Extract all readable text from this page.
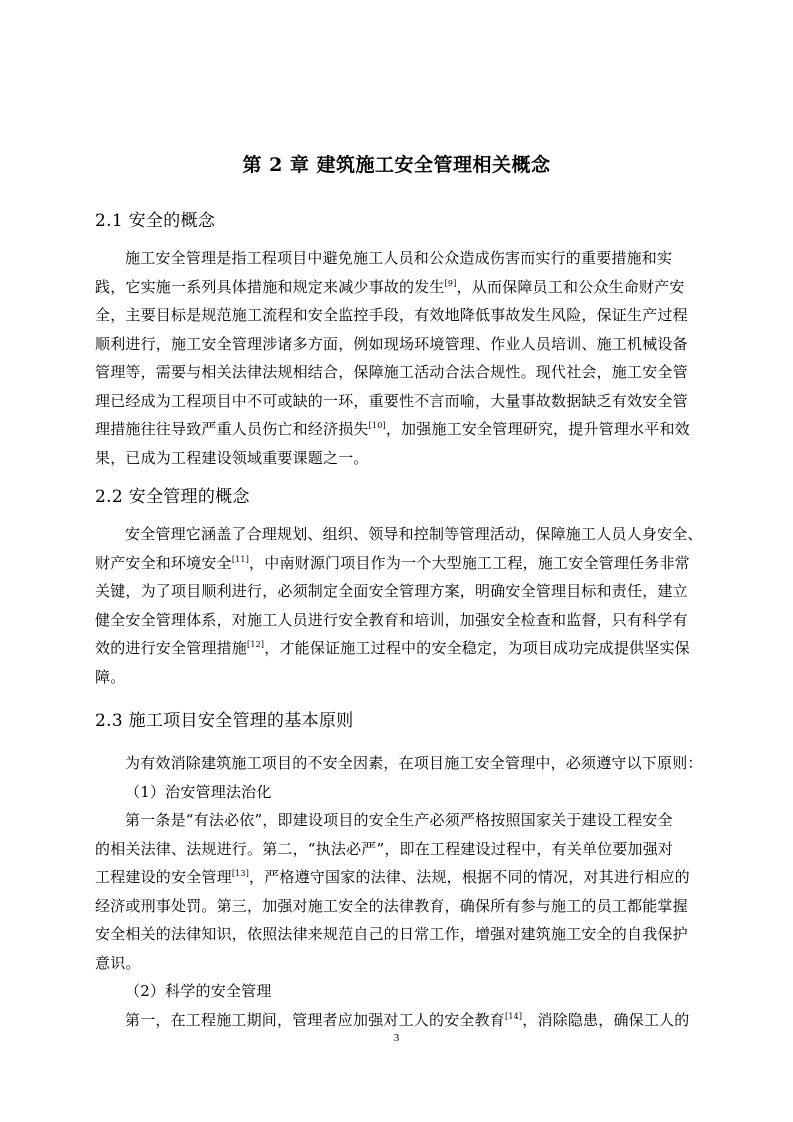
第 2 章 建筑施工安全管理相关概念
2.1 安全的概念
施工安全管理是指工程项目中避免施工人员和公众造成伤害而实行的重要措施和实
践，它实施一系列具体措施和规定来减少事故的发生[9]，从而保障员工和公众生命财产安
全，主要目标是规范施工流程和安全监控手段，有效地降低事故发生风险，保证生产过程
顺利进行，施工安全管理涉诸多方面，例如现场环境管理、作业人员培训、施工机械设备
管理等，需要与相关法律法规相结合，保障施工活动合法合规性。现代社会，施工安全管
理已经成为工程项目中不可或缺的一环，重要性不言而喻，大量事故数据缺乏有效安全管
理措施往往导致严重人员伤亡和经济损失[10]，加强施工安全管理研究，提升管理水平和效
果，已成为工程建设领域重要课题之一。
2.2 安全管理的概念
安全管理它涵盖了合理规划、组织、领导和控制等管理活动，保障施工人员人身安全、
财产安全和环境安全[11]，中南财源门项目作为一个大型施工工程，施工安全管理任务非常
关键，为了项目顺利进行，必须制定全面安全管理方案，明确安全管理目标和责任，建立
健全安全管理体系，对施工人员进行安全教育和培训，加强安全检查和监督，只有科学有
效的进行安全管理措施[12]，才能保证施工过程中的安全稳定，为项目成功完成提供坚实保
障。
2.3 施工项目安全管理的基本原则
为有效消除建筑施工项目的不安全因素，在项目施工安全管理中，必须遵守以下原则：
（1）治安管理法治化
第一条是“有法必依”，即建设项目的安全生产必须严格按照国家关于建设工程安全
的相关法律、法规进行。第二，“执法必严”，即在工程建设过程中，有关单位要加强对
工程建设的安全管理[13]，严格遵守国家的法律、法规，根据不同的情况，对其进行相应的
经济或刑事处罚。第三，加强对施工安全的法律教育，确保所有参与施工的员工都能掌握
安全相关的法律知识，依照法律来规范自己的日常工作，增强对建筑施工安全的自我保护
意识。
（2）科学的安全管理
第一，在工程施工期间，管理者应加强对工人的安全教育[14]，消除隐患，确保工人的
3
